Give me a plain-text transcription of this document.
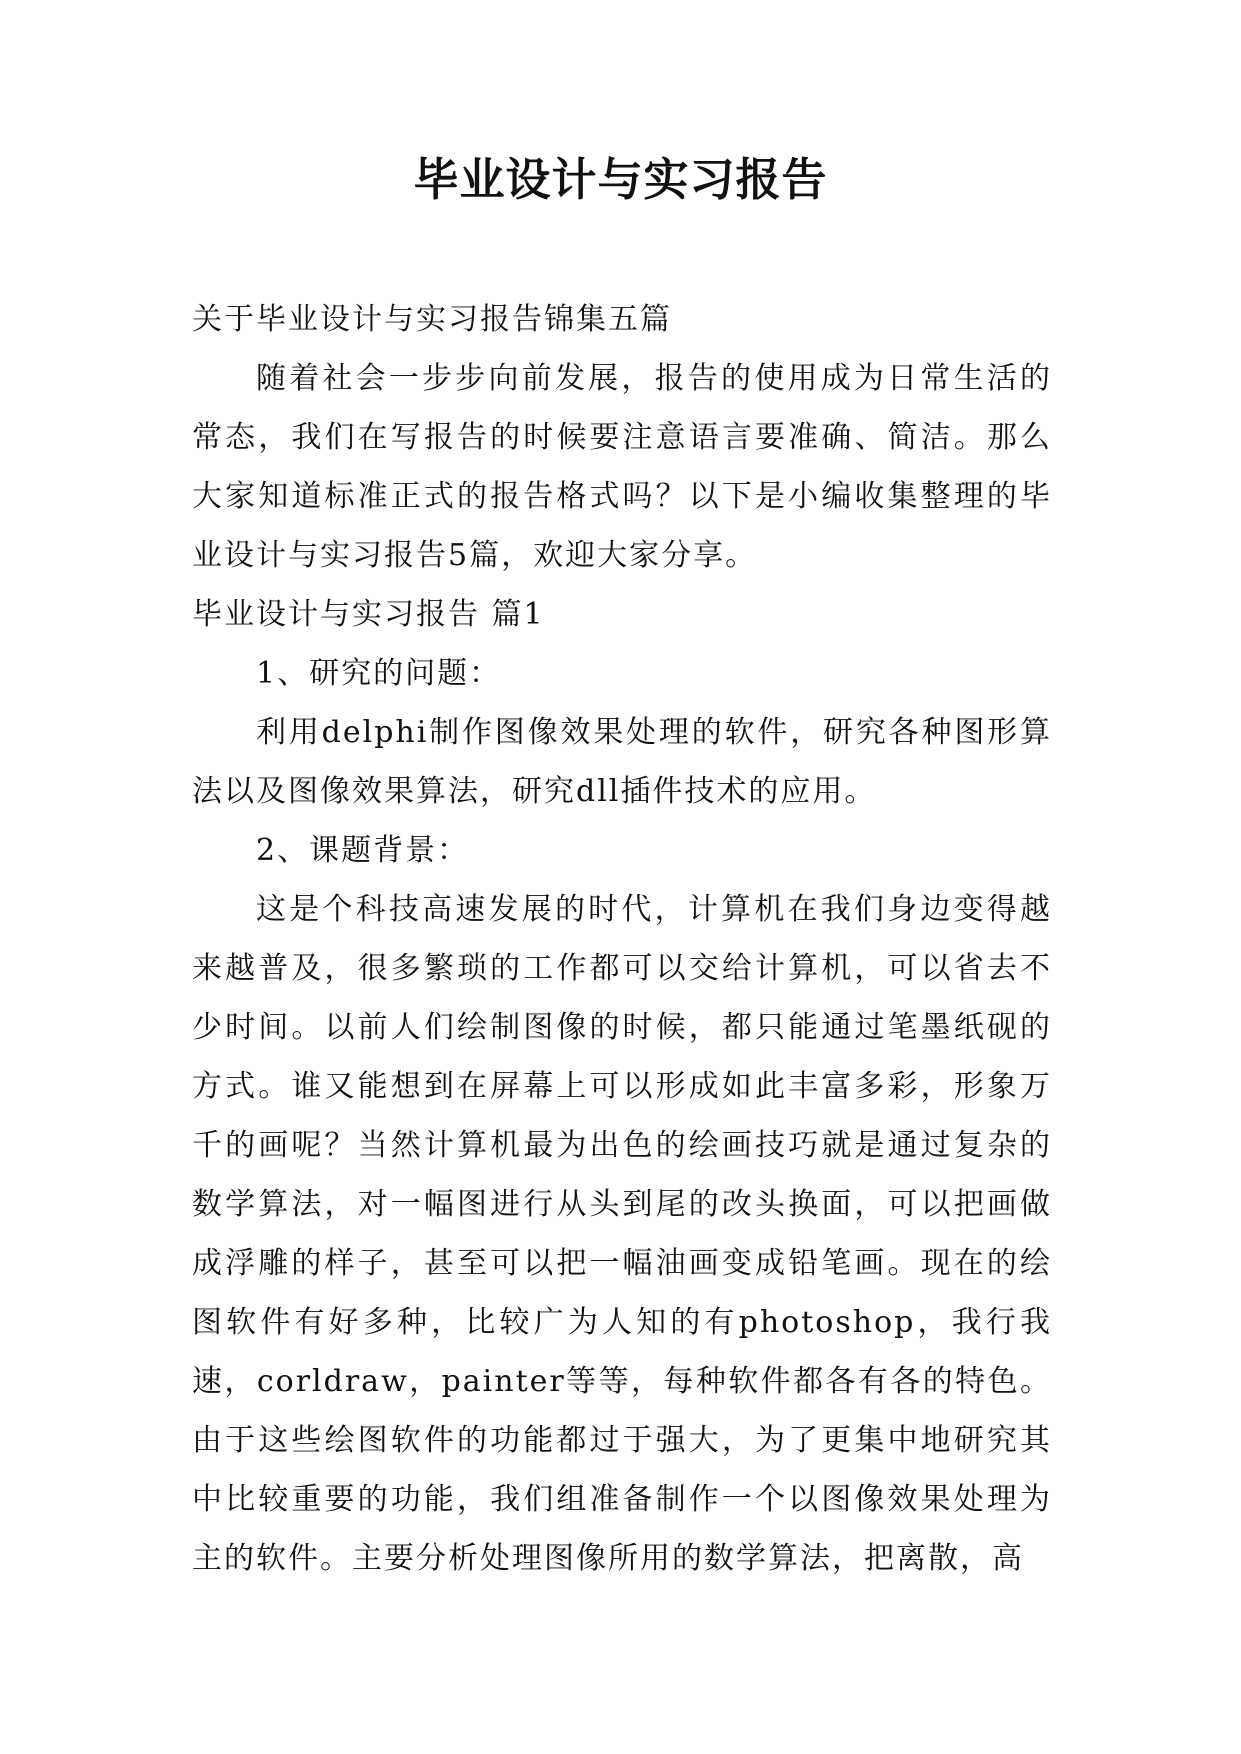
毕业设计与实习报告

关于毕业设计与实习报告锦集五篇

随着社会一步步向前发展，报告的使用成为日常生活的常态，我们在写报告的时候要注意语言要准确、简洁。那么大家知道标准正式的报告格式吗？以下是小编收集整理的毕业设计与实习报告5篇，欢迎大家分享。

毕业设计与实习报告 篇1

1、研究的问题：

利用delphi制作图像效果处理的软件，研究各种图形算法以及图像效果算法，研究dll插件技术的应用。

2、课题背景：

这是个科技高速发展的时代，计算机在我们身边变得越来越普及，很多繁琐的工作都可以交给计算机，可以省去不少时间。以前人们绘制图像的时候，都只能通过笔墨纸砚的方式。谁又能想到在屏幕上可以形成如此丰富多彩，形象万千的画呢？当然计算机最为出色的绘画技巧就是通过复杂的数学算法，对一幅图进行从头到尾的改头换面，可以把画做成浮雕的样子，甚至可以把一幅油画变成铅笔画。现在的绘图软件有好多种，比较广为人知的有photoshop，我行我速，corldraw，painter等等，每种软件都各有各的特色。由于这些绘图软件的功能都过于强大，为了更集中地研究其中比较重要的功能，我们组准备制作一个以图像效果处理为主的软件。主要分析处理图像所用的数学算法，把离散，高
